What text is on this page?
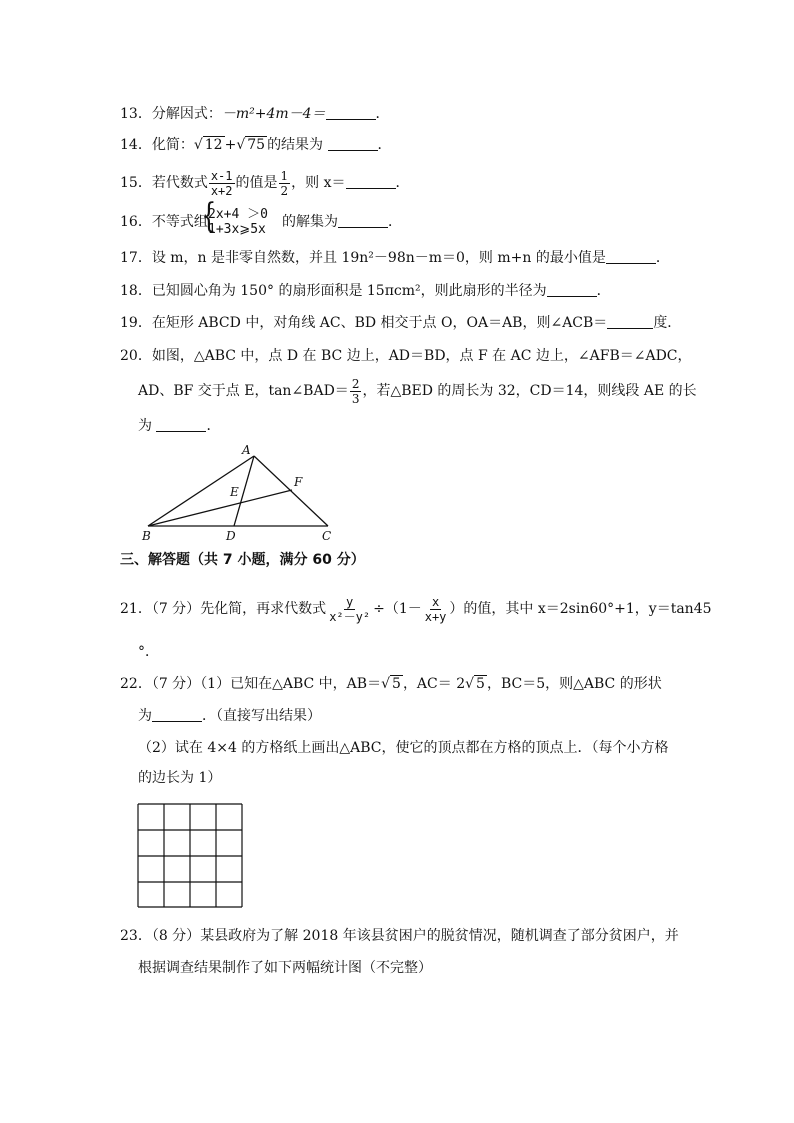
13．分解因式：－m²+4m－4＝	．
14．化简：√ 12 +√ 75 的结果为	．
15．若代数式 $\frac{x-1}{x+2}$ 的值是 $\frac{1}{2}$ ，则 x＝	．
16．不等式组
{
2x+4 ＞0
1+3x⩾5x 的解集为	．
17．设 m，n 是非零自然数，并且 19n²－98n－m＝0，则 m+n 的最小值是	．
18．已知圆心角为 150° 的扇形面积是 15πcm²，则此扇形的半径为	．
19．在矩形 ABCD 中，对角线 AC、BD 相交于点 O，OA＝AB，则∠ACB＝	度．
20．如图，△ABC 中，点 D 在 BC 边上，AD＝BD，点 F 在 AC 边上，∠AFB＝∠ADC，
AD、BF 交于点 E，tan∠BAD＝ $\frac{2}{3}$ ，若△BED 的周长为 32，CD＝14，则线段 AE 的长
为	．
A
B	C
D
E
F
三、解答题（共 7 小题，满分 60 分）
21．（7 分）先化简，再求代数式 $\frac{y}{\text{x²－y²}} \div(1- \frac{x}{x+y}$ ）的值，其中 x＝2sin60°+1，y＝tan45
°．
22．（7 分）（1）已知在△ABC 中，AB＝√ 5 ，AC＝ 2√ 5 ，BC＝5，则△ABC 的形状
为	．（直接写出结果）
（2）试在 4×4 的方格纸上画出△ABC，使它的顶点都在方格的顶点上．（每个小方格
的边长为 1）
23．（8 分）某县政府为了解 2018 年该县贫困户的脱贫情况，随机调查了部分贫困户，并
根据调查结果制作了如下两幅统计图（不完整）
